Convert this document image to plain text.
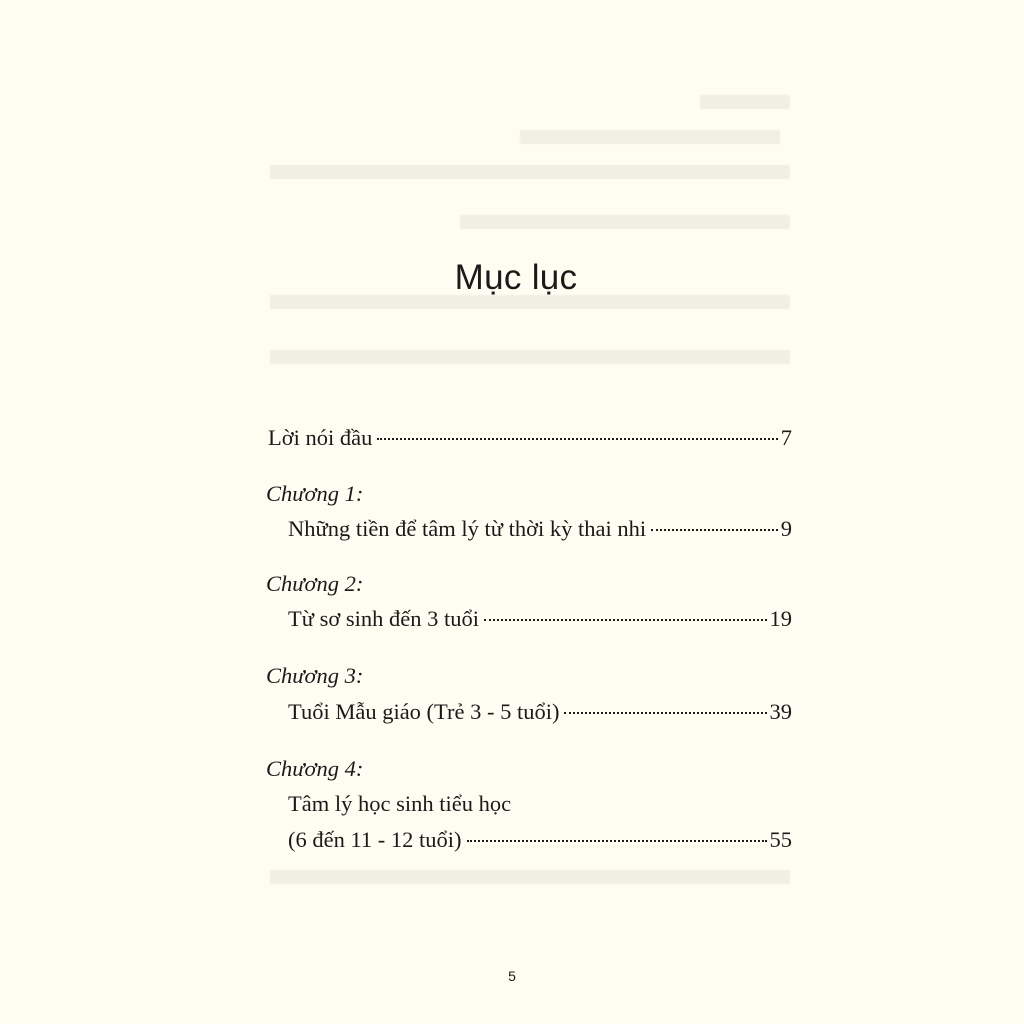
Mục lục
Lời nói đầu	7
Chương 1:
Những tiền để tâm lý từ thời kỳ thai nhi	9
Chương 2:
Từ sơ sinh đến 3 tuổi	19
Chương 3:
Tuổi Mẫu giáo (Trẻ 3 - 5 tuổi)	39
Chương 4:
Tâm lý học sinh tiểu học
(6 đến 11 - 12 tuổi)	55
5
